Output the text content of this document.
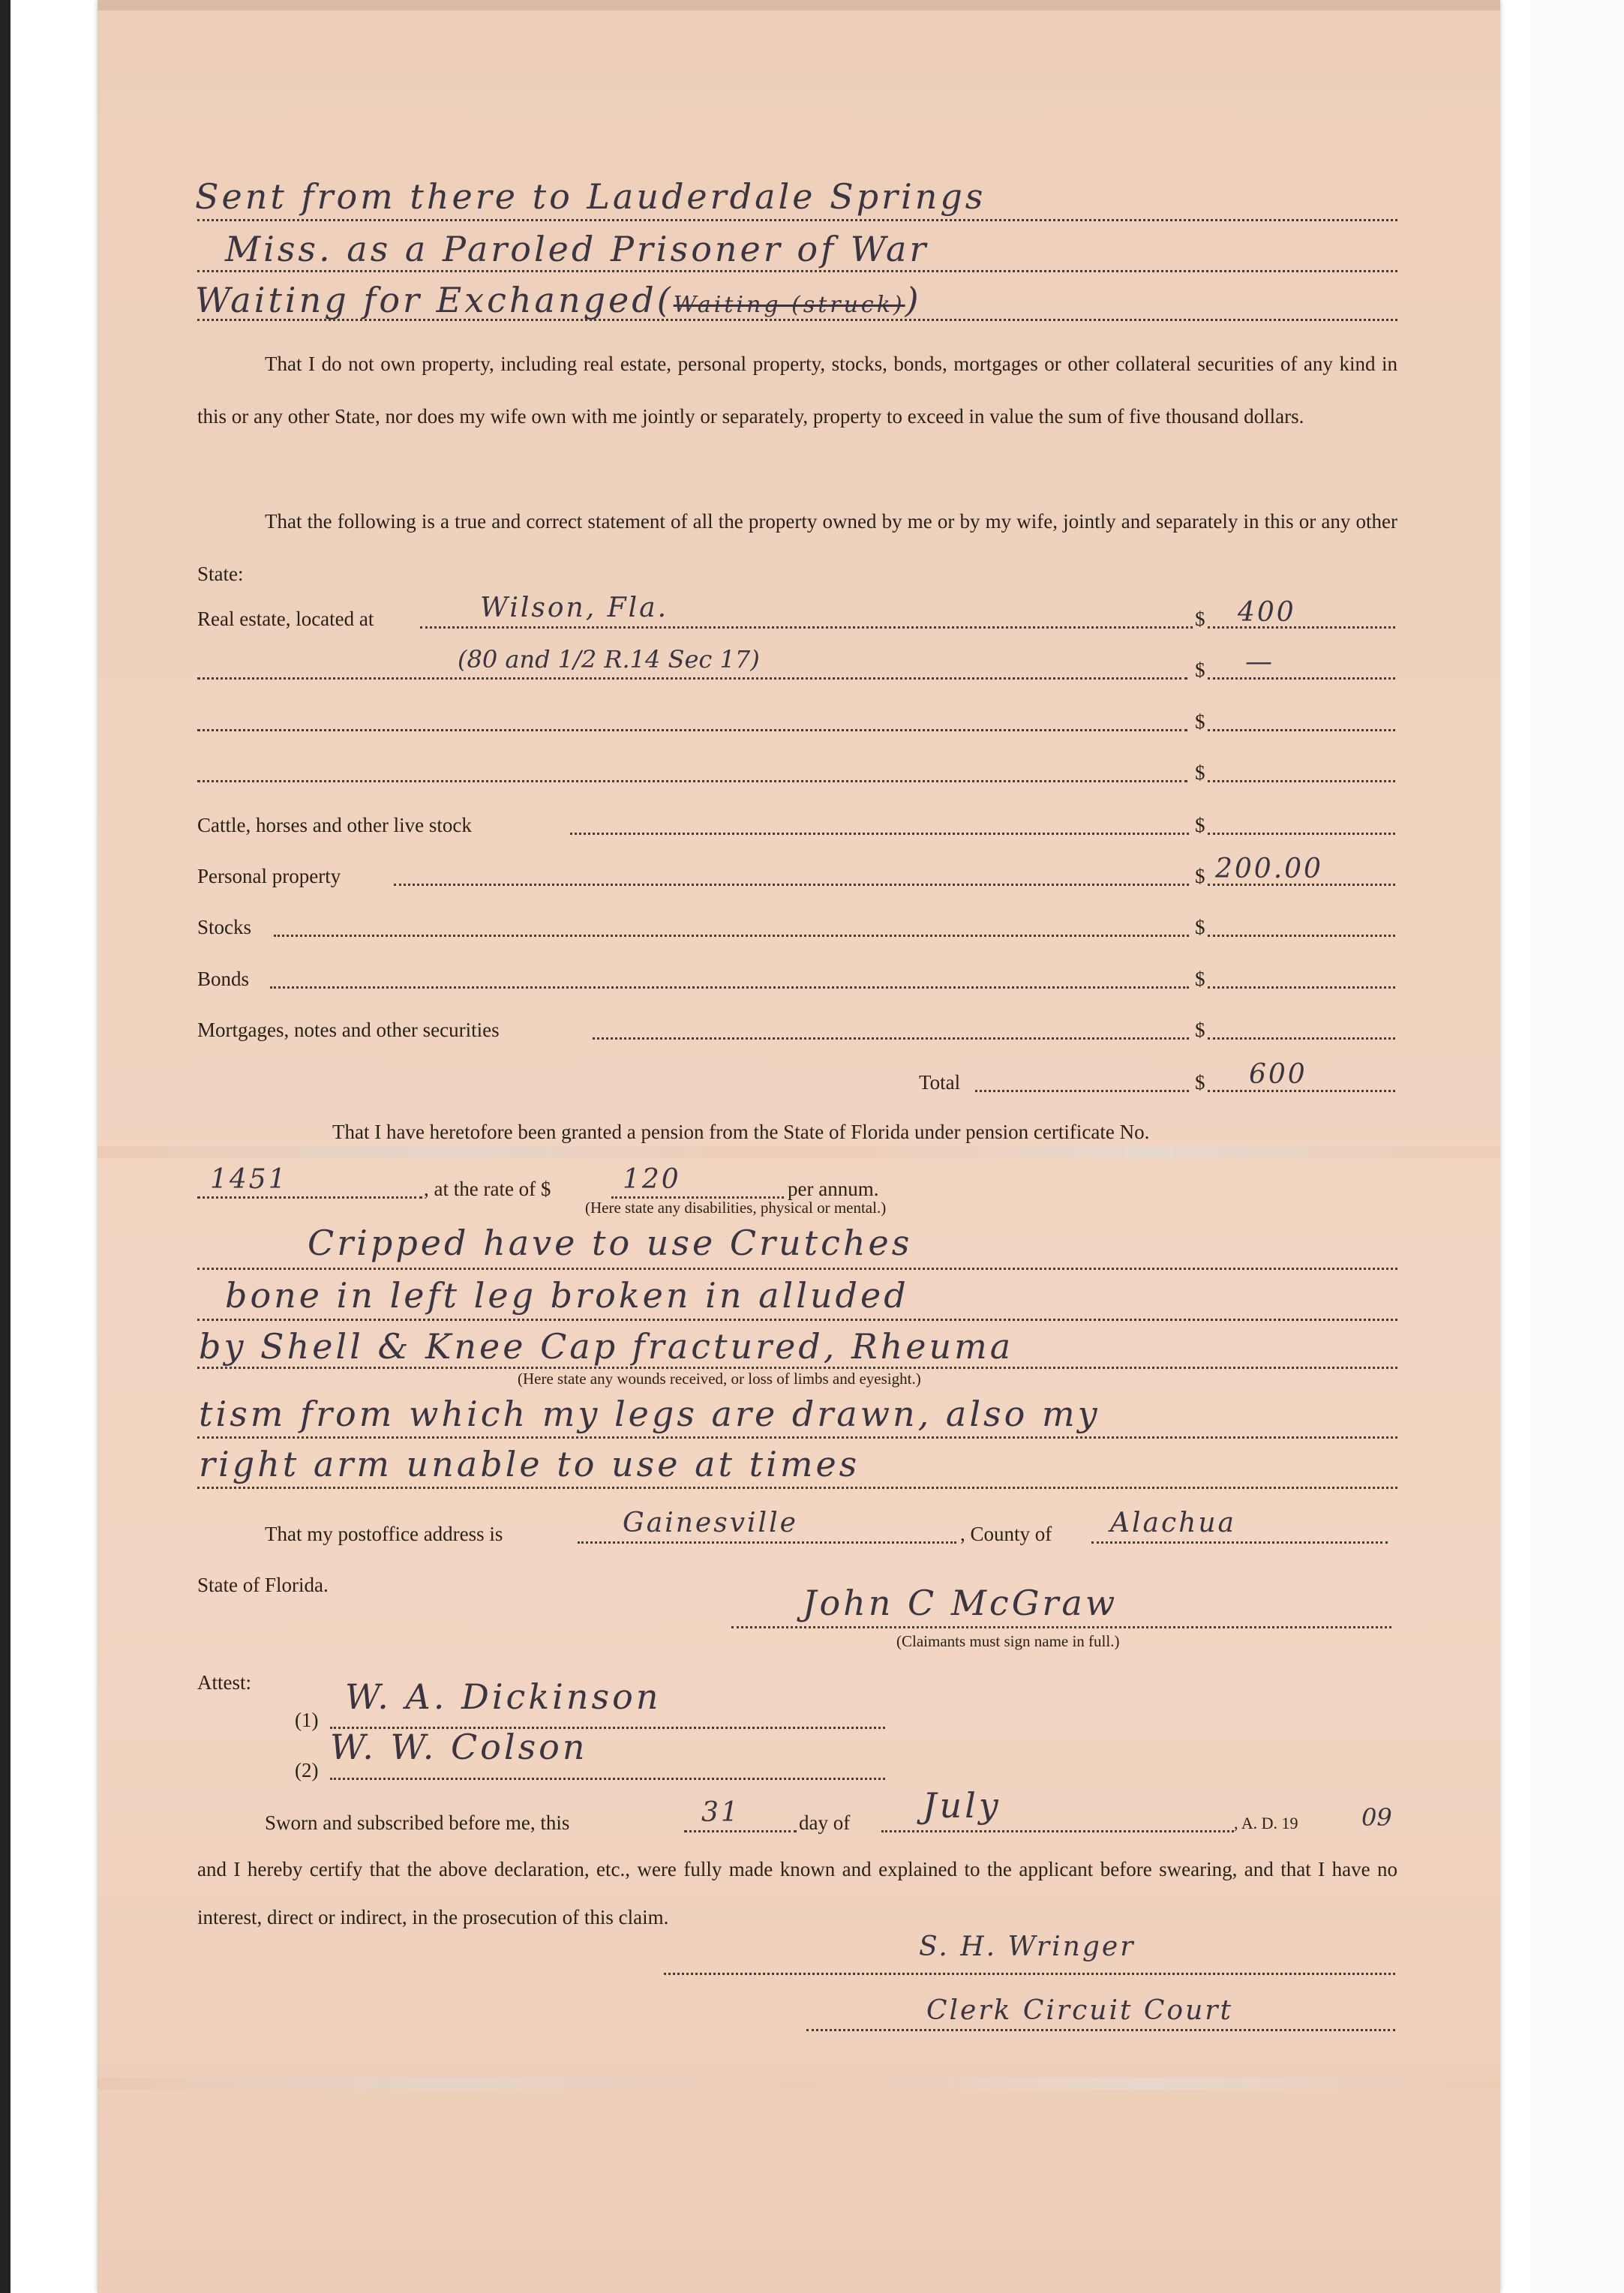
Sent from there to Lauderdale Springs
Miss. as a Paroled Prisoner of War
Waiting for Exchanged(Waiting (struck))
That I do not own property, including real estate, personal property, stocks, bonds, mortgages or other collateral securities of any kind in this or any other State, nor does my wife own with me jointly or separately, property to exceed in value the sum of five thousand dollars.
That the following is a true and correct statement of all the property owned by me or by my wife, jointly and separately in this or any other State:
Real estate, located at	Wilson, Fla.	$ 400
(80 and 1/2 R.14 Sec 17)	$ —
$
$
Cattle, horses and other live stock	$
Personal property	$ 200.00
Stocks	$
Bonds	$
Mortgages, notes and other securities	$
Total	$ 600
That I have heretofore been granted a pension from the State of Florida under pension certificate No.
1451	, at the rate of $	120	per annum.
(Here state any disabilities, physical or mental.)
Cripped have to use Crutches
bone in left leg broken in alluded
by Shell & Knee Cap fractured, Rheuma
(Here state any wounds received, or loss of limbs and eyesight.)
tism from which my legs are drawn, also my
right arm unable to use at times
That my postoffice address is	Gainesville	, County of	Alachua
State of Florida.	John C McGraw
(Claimants must sign name in full.)
Attest:
(1)
W. A. Dickinson
(2)
W. W. Colson
Sworn and subscribed before me, this	31	day of	July	, A. D. 19	09
and I hereby certify that the above declaration, etc., were fully made known and explained to the applicant before swearing, and that I have no interest, direct or indirect, in the prosecution of this claim.
S. H. Wringer
Clerk Circuit Court
